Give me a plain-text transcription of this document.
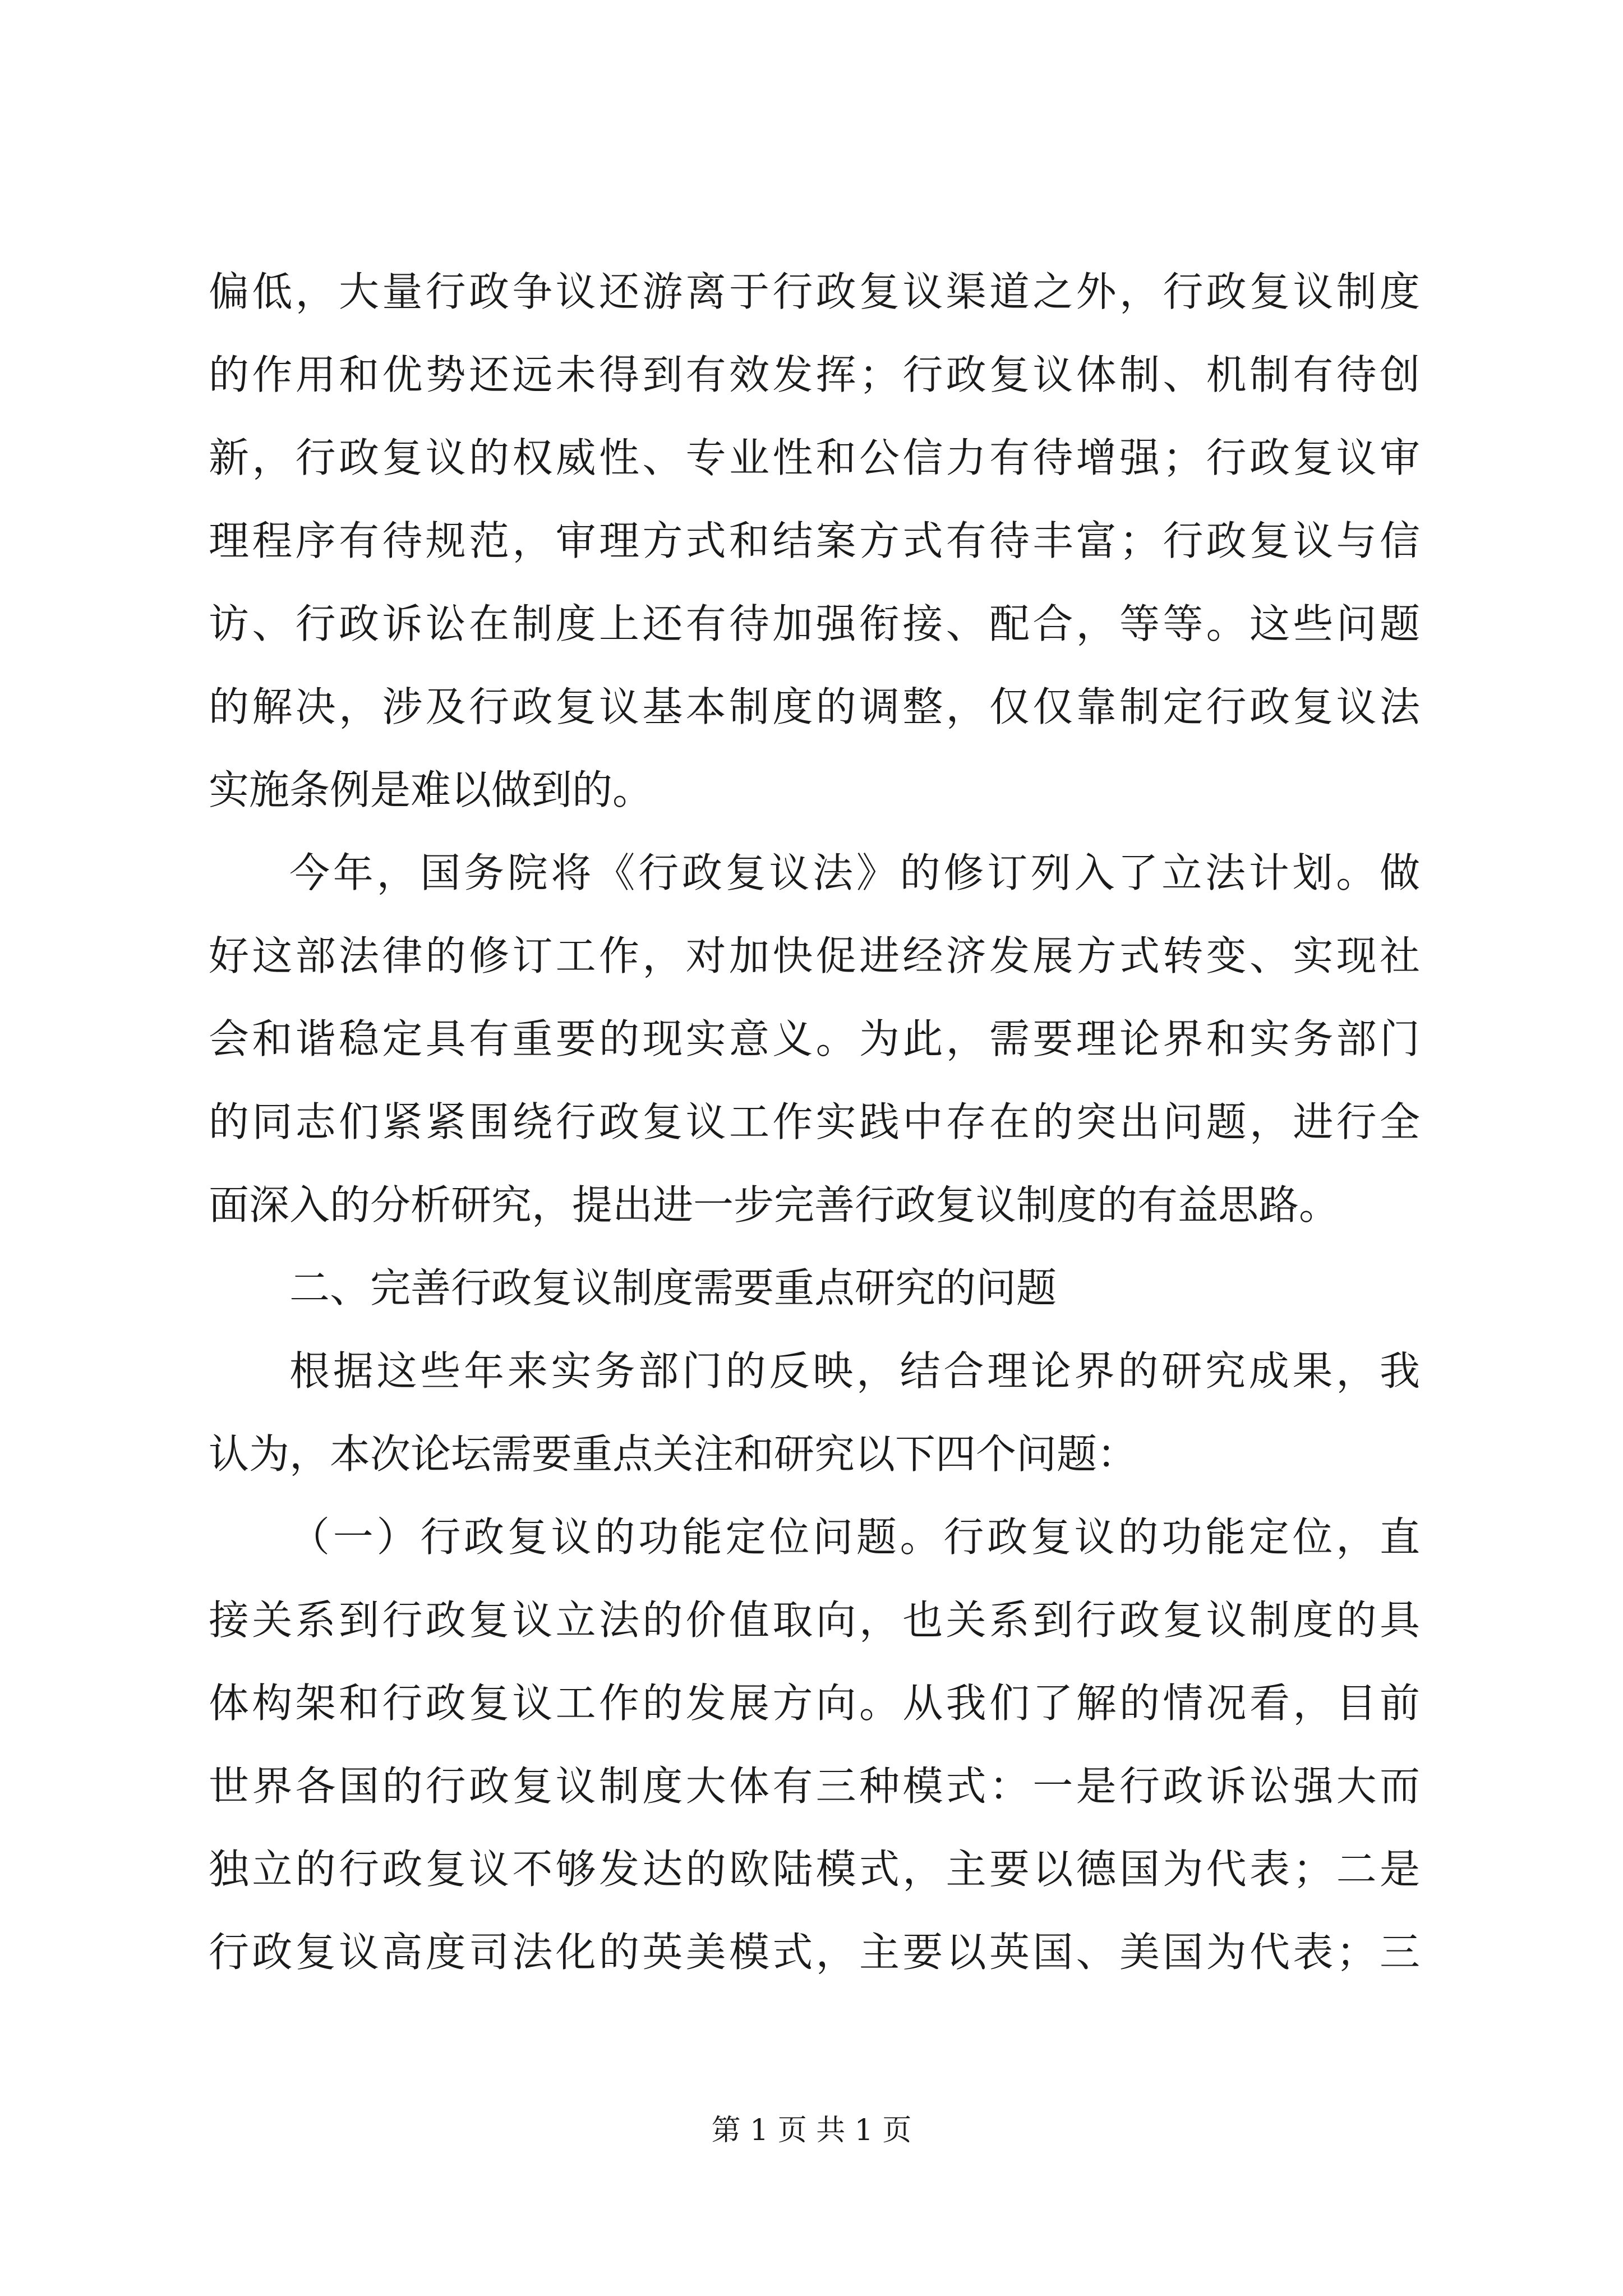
偏低，大量行政争议还游离于行政复议渠道之外，行政复议制度
的作用和优势还远未得到有效发挥；行政复议体制、机制有待创
新，行政复议的权威性、专业性和公信力有待增强；行政复议审
理程序有待规范，审理方式和结案方式有待丰富；行政复议与信
访、行政诉讼在制度上还有待加强衔接、配合，等等。这些问题
的解决，涉及行政复议基本制度的调整，仅仅靠制定行政复议法
实施条例是难以做到的。
今年，国务院将《行政复议法》的修订列入了立法计划。做
好这部法律的修订工作，对加快促进经济发展方式转变、实现社
会和谐稳定具有重要的现实意义。为此，需要理论界和实务部门
的同志们紧紧围绕行政复议工作实践中存在的突出问题，进行全
面深入的分析研究，提出进一步完善行政复议制度的有益思路。
二、完善行政复议制度需要重点研究的问题
根据这些年来实务部门的反映，结合理论界的研究成果，我
认为，本次论坛需要重点关注和研究以下四个问题：
（一）行政复议的功能定位问题。行政复议的功能定位，直
接关系到行政复议立法的价值取向，也关系到行政复议制度的具
体构架和行政复议工作的发展方向。从我们了解的情况看，目前
世界各国的行政复议制度大体有三种模式：一是行政诉讼强大而
独立的行政复议不够发达的欧陆模式，主要以德国为代表；二是
第 1 页 共 1 页
行政复议高度司法化的英美模式，主要以英国、美国为代表；三
